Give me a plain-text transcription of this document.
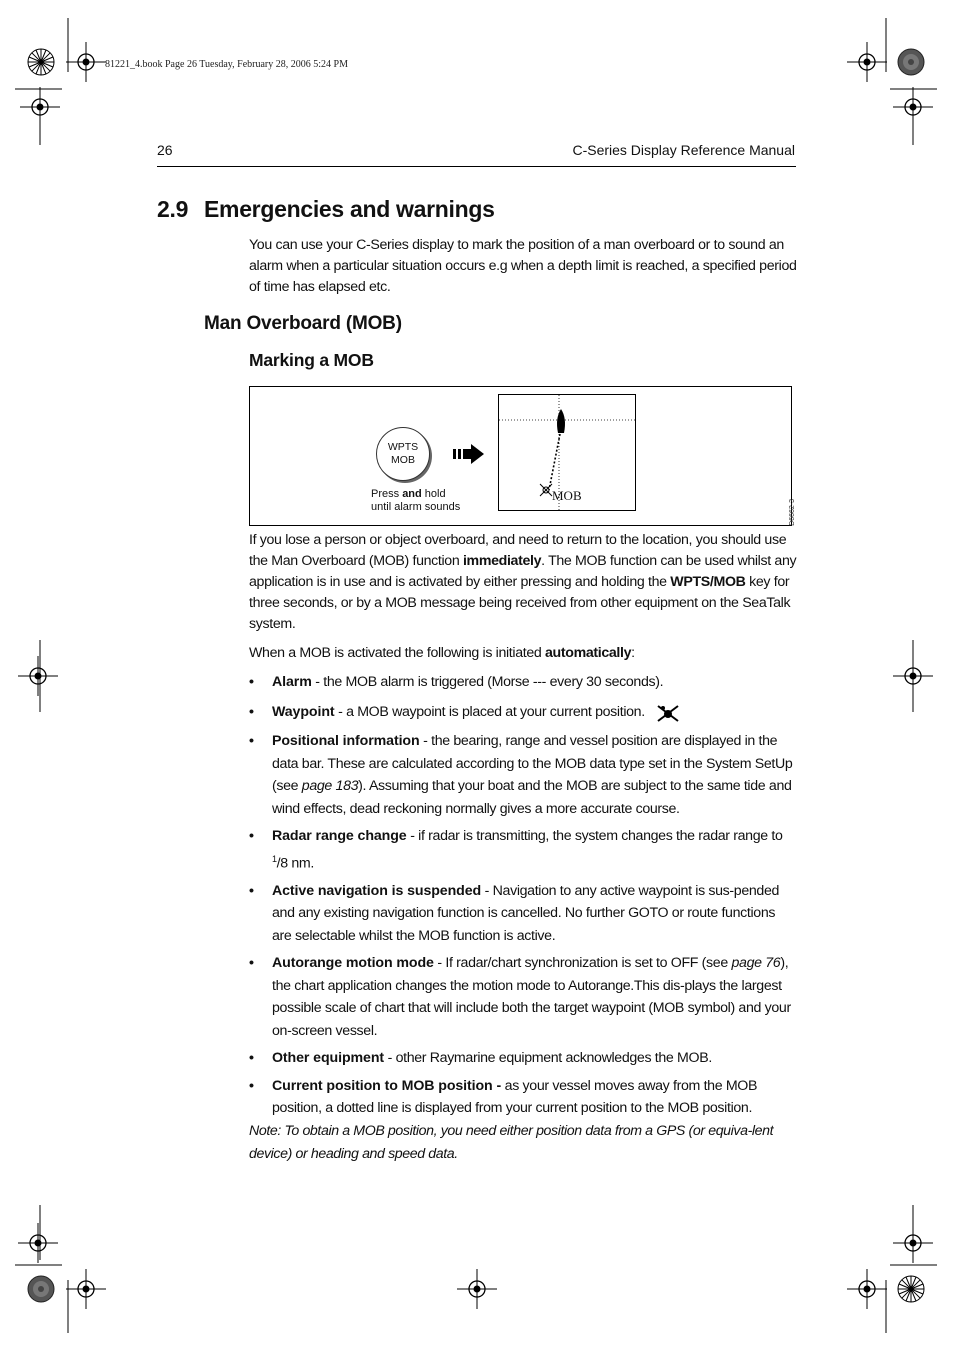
81221_4.book Page 26 Tuesday, February 28, 2006 5:24 PM
26	C-Series Display Reference Manual
2.9 Emergencies and warnings

You can use your C-Series display to mark the position of a man overboard or to sound an alarm when a particular situation occurs e.g when a depth limit is reached, a specified period of time has elapsed etc.

Man Overboard (MOB)
Marking a MOB
WPTS
MOB
Press and hold
until alarm sounds
MOB
D6662-3

If you lose a person or object overboard, and need to return to the location, you should use the Man Overboard (MOB) function immediately. The MOB function can be used whilst any application is in use and is activated by either pressing and holding the WPTS/MOB key for three seconds, or by a MOB message being received from other equipment on the SeaTalk system.

When a MOB is activated the following is initiated automatically:

• Alarm - the MOB alarm is triggered (Morse --- every 30 seconds).
• Waypoint - a MOB waypoint is placed at your current position.
• Positional information - the bearing, range and vessel position are displayed in the data bar. These are calculated according to the MOB data type set in the System SetUp (see page 183). Assuming that your boat and the MOB are subject to the same tide and wind effects, dead reckoning normally gives a more accurate course.
• Radar range change - if radar is transmitting, the system changes the radar range to $^1$/8 nm.
• Active navigation is suspended - Navigation to any active waypoint is sus-pended and any existing navigation function is cancelled. No further GOTO or route functions are selectable whilst the MOB function is active.
• Autorange motion mode - If radar/chart synchronization is set to OFF (see page 76), the chart application changes the motion mode to Autorange.This dis-plays the largest possible scale of chart that will include both the target waypoint (MOB symbol) and your on-screen vessel.
• Other equipment - other Raymarine equipment acknowledges the MOB.
• Current position to MOB position - as your vessel moves away from the MOB position, a dotted line is displayed from your current position to the MOB position.

Note: To obtain a MOB position, you need either position data from a GPS (or equiva-lent device) or heading and speed data.
